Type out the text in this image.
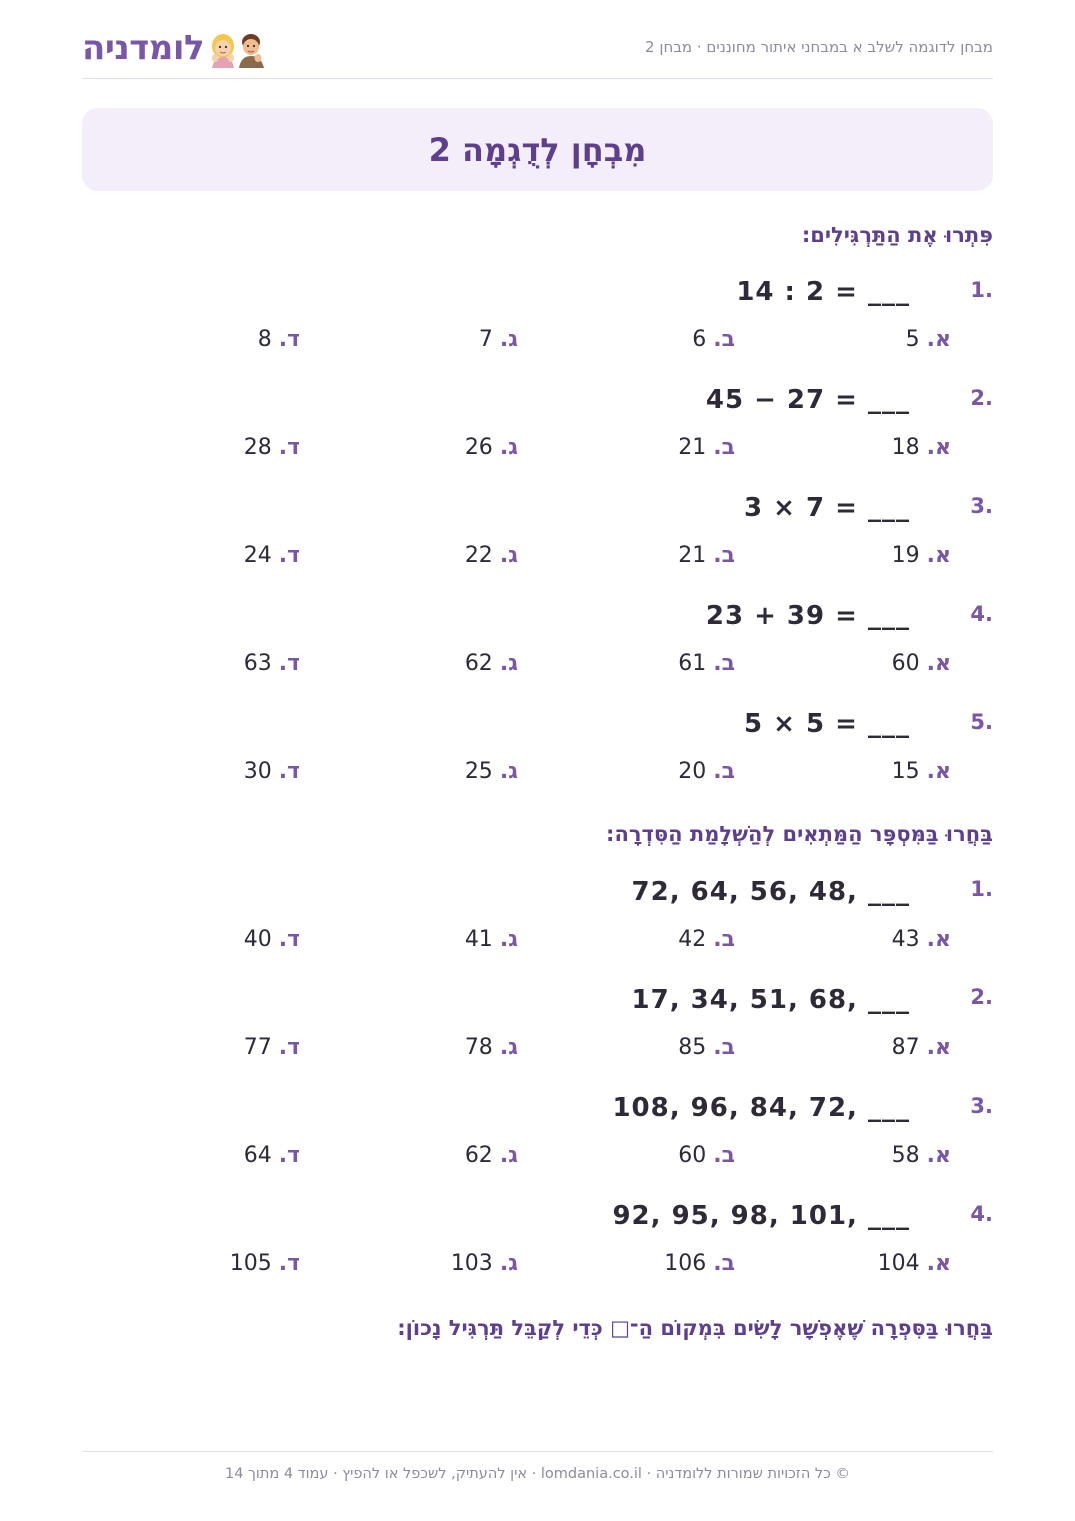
לומדניה	מבחן לדוגמה לשלב א במבחני איתור מחוננים · מבחן 2
מִבְחָן לְדֻגְמָה 2
פִּתְרוּ אֶת הַתַּרְגִּילִים:
1.
14 : 2 = ___
א. 5
ב. 6
ג. 7
ד. 8
2.
45 − 27 = ___
א. 18
ב. 21
ג. 26
ד. 28
3.
3 × 7 = ___
א. 19
ב. 21
ג. 22
ד. 24
4.
23 + 39 = ___
א. 60
ב. 61
ג. 62
ד. 63
5.
5 × 5 = ___
א. 15
ב. 20
ג. 25
ד. 30
בַּחֲרוּ בַּמִּסְפָּר הַמַּתְאִים לְהַשְׁלָמַת הַסִּדְרָה:
1.
72, 64, 56, 48, ___
א. 43
ב. 42
ג. 41
ד. 40
2.
17, 34, 51, 68, ___
א. 87
ב. 85
ג. 78
ד. 77
3.
108, 96, 84, 72, ___
א. 58
ב. 60
ג. 62
ד. 64
4.
92, 95, 98, 101, ___
א. 104
ב. 106
ג. 103
ד. 105
בַּחֲרוּ בַּסִּפְרָה שֶׁאֶפְשָׁר לָשִׂים בִּמְקוֹם הַ־□ כְּדֵי לְקַבֵּל תַּרְגִּיל נָכוֹן:
© כל הזכויות שמורות ללומדניה · lomdania.co.il · אין להעתיק, לשכפל או להפיץ · עמוד 4 מתוך 14
